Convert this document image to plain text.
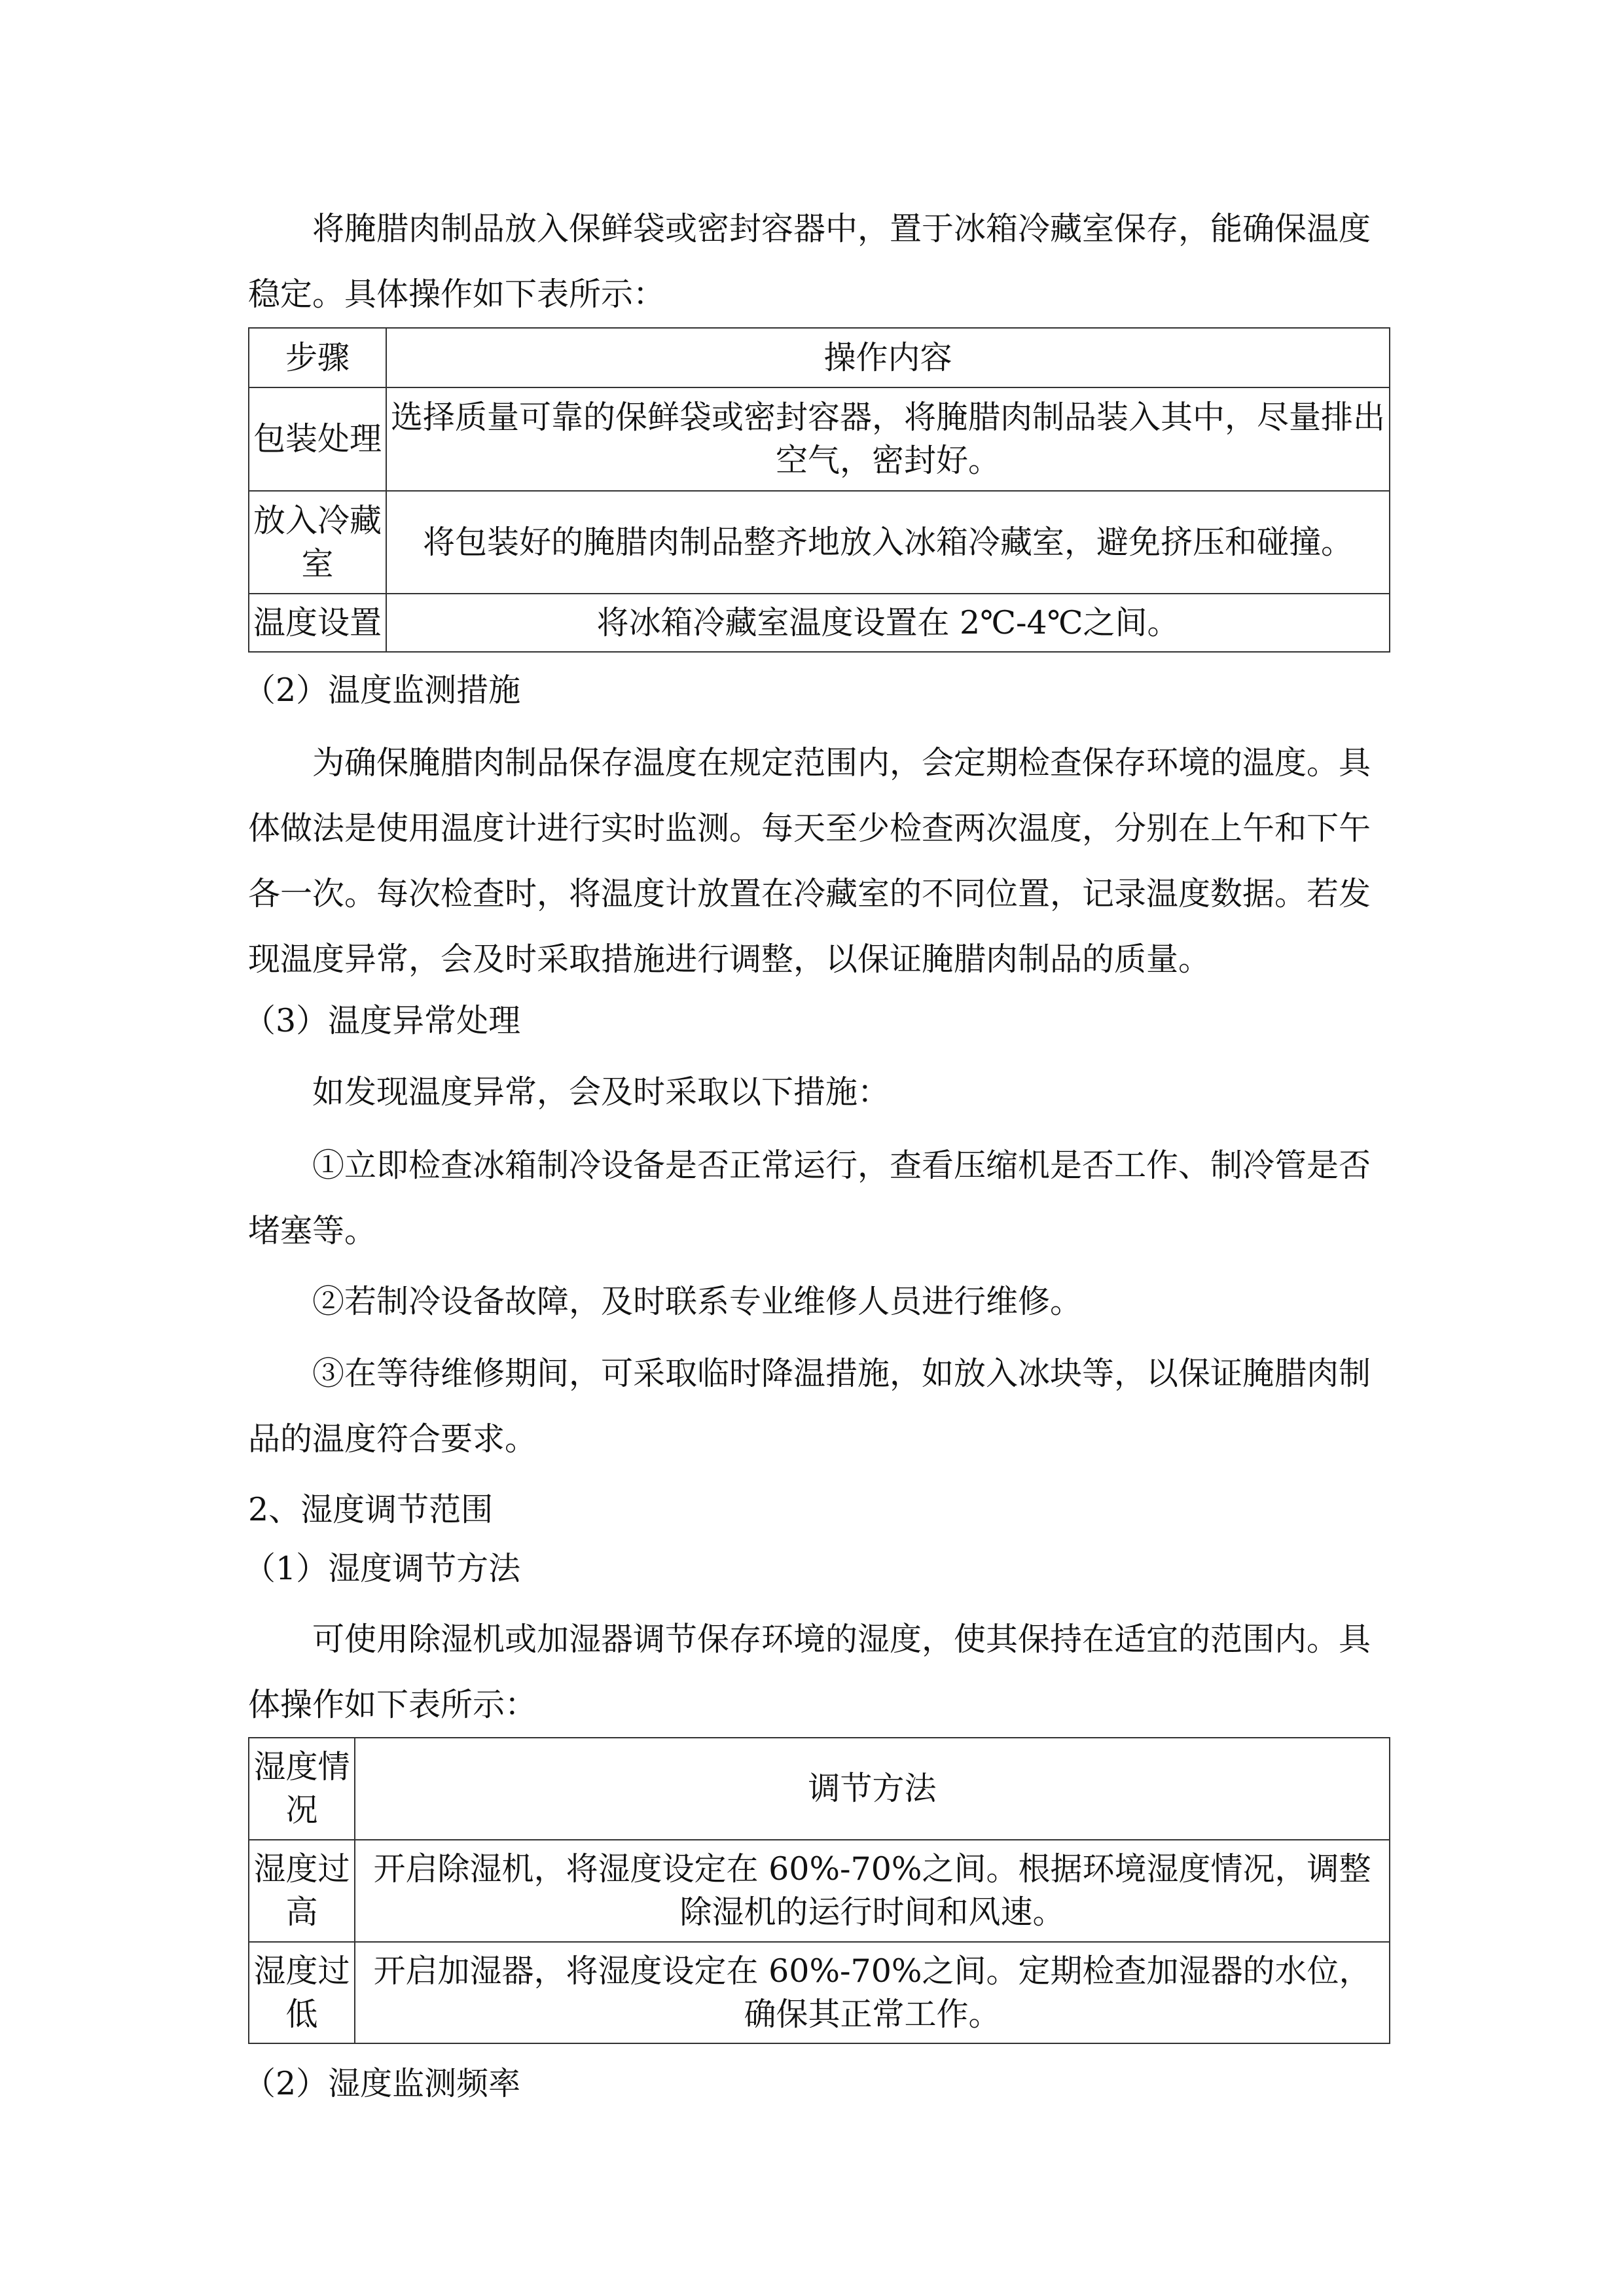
将腌腊肉制品放入保鲜袋或密封容器中，置于冰箱冷藏室保存，能确保温度稳定。具体操作如下表所示：
步骤	操作内容
包装处理	选择质量可靠的保鲜袋或密封容器，将腌腊肉制品装入其中，尽量排出空气，密封好。
放入冷藏室	将包装好的腌腊肉制品整齐地放入冰箱冷藏室，避免挤压和碰撞。
温度设置	将冰箱冷藏室温度设置在 2℃-4℃之间。
（2）温度监测措施
为确保腌腊肉制品保存温度在规定范围内，会定期检查保存环境的温度。具体做法是使用温度计进行实时监测。每天至少检查两次温度，分别在上午和下午各一次。每次检查时，将温度计放置在冷藏室的不同位置，记录温度数据。若发现温度异常，会及时采取措施进行调整，以保证腌腊肉制品的质量。
（3）温度异常处理
如发现温度异常，会及时采取以下措施：
①立即检查冰箱制冷设备是否正常运行，查看压缩机是否工作、制冷管是否堵塞等。
②若制冷设备故障，及时联系专业维修人员进行维修。
③在等待维修期间，可采取临时降温措施，如放入冰块等，以保证腌腊肉制品的温度符合要求。
2、湿度调节范围
（1）湿度调节方法
可使用除湿机或加湿器调节保存环境的湿度，使其保持在适宜的范围内。具体操作如下表所示：
湿度情况	调节方法
湿度过高	开启除湿机，将湿度设定在 60%-70%之间。根据环境湿度情况，调整除湿机的运行时间和风速。
湿度过低	开启加湿器，将湿度设定在 60%-70%之间。定期检查加湿器的水位，确保其正常工作。
（2）湿度监测频率
